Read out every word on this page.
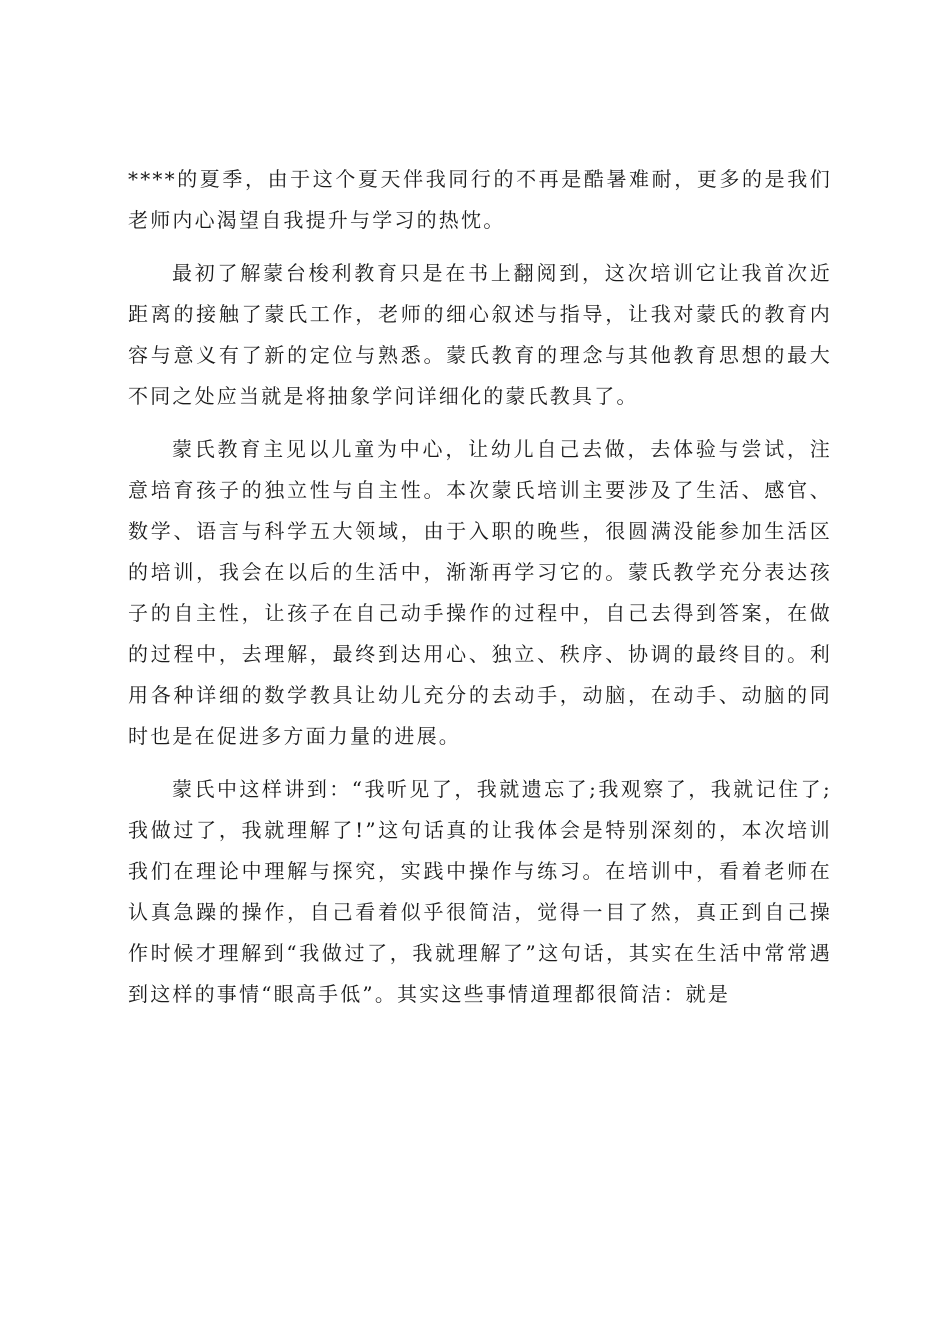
****的夏季，由于这个夏天伴我同行的不再是酷暑难耐，更多的是我们老师内心渴望自我提升与学习的热忱。

最初了解蒙台梭利教育只是在书上翻阅到，这次培训它让我首次近距离的接触了蒙氏工作，老师的细心叙述与指导，让我对蒙氏的教育内容与意义有了新的定位与熟悉。蒙氏教育的理念与其他教育思想的最大不同之处应当就是将抽象学问详细化的蒙氏教具了。

蒙氏教育主见以儿童为中心，让幼儿自己去做，去体验与尝试，注意培育孩子的独立性与自主性。本次蒙氏培训主要涉及了生活、感官、数学、语言与科学五大领域，由于入职的晚些，很圆满没能参加生活区的培训，我会在以后的生活中，渐渐再学习它的。蒙氏教学充分表达孩子的自主性，让孩子在自己动手操作的过程中，自己去得到答案，在做的过程中，去理解，最终到达用心、独立、秩序、协调的最终目的。利用各种详细的数学教具让幼儿充分的去动手，动脑，在动手、动脑的同时也是在促进多方面力量的进展。

蒙氏中这样讲到：“我听见了，我就遗忘了;我观察了，我就记住了;我做过了，我就理解了!”这句话真的让我体会是特别深刻的，本次培训我们在理论中理解与探究，实践中操作与练习。在培训中，看着老师在认真急躁的操作，自己看着似乎很简洁，觉得一目了然，真正到自己操作时候才理解到“我做过了，我就理解了”这句话，其实在生活中常常遇到这样的事情“眼高手低”。其实这些事情道理都很简洁：就是
